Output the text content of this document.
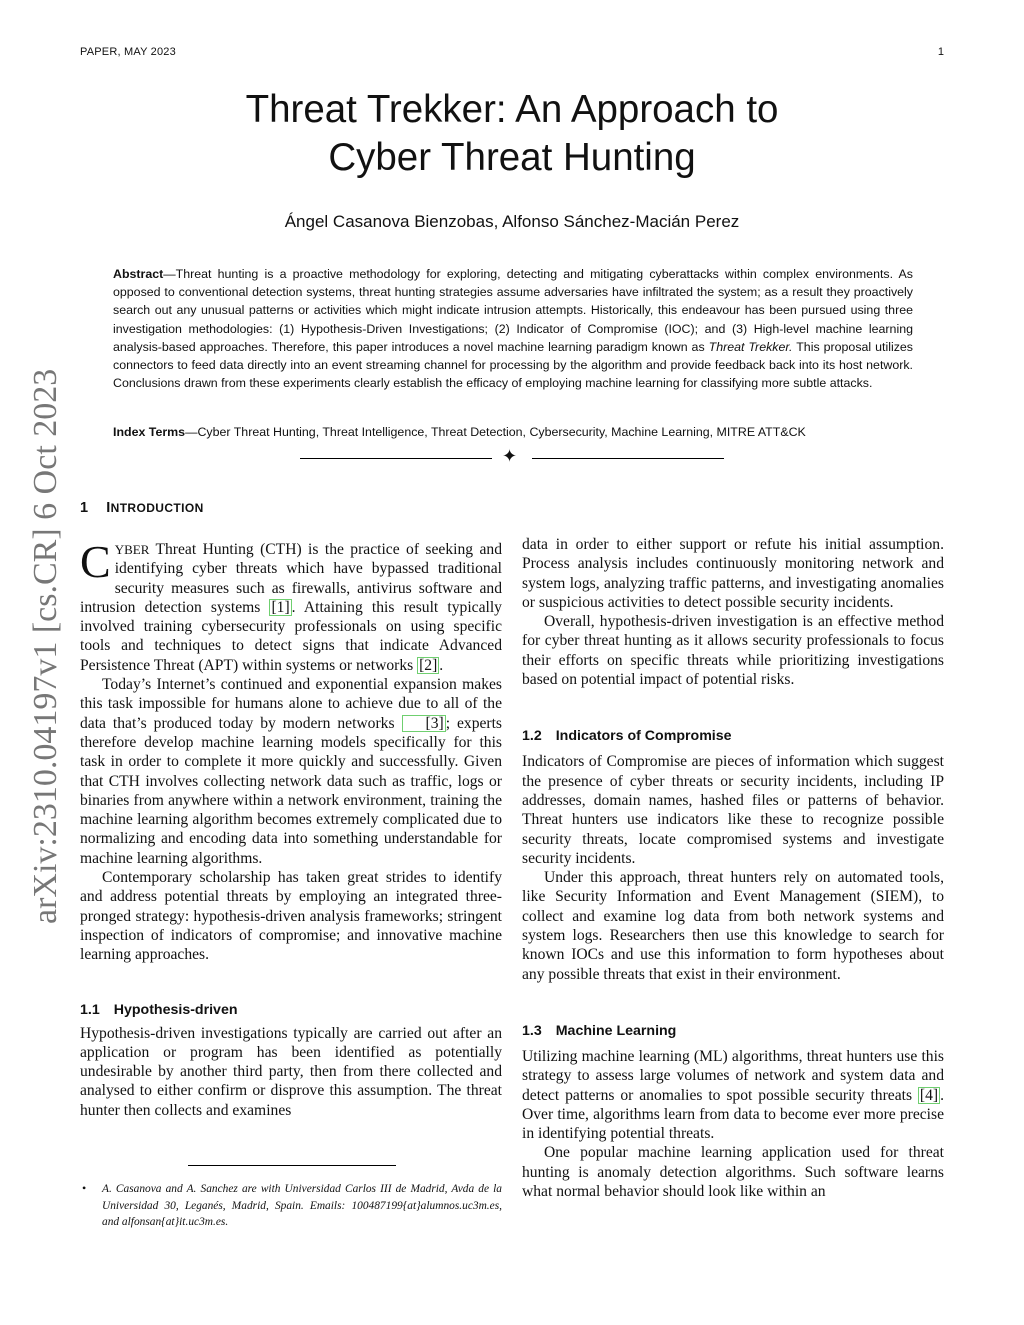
PAPER, MAY 2023	1
arXiv:2310.04197v1 [cs.CR] 6 Oct 2023
Threat Trekker: An Approach to
Cyber Threat Hunting
Ángel Casanova Bienzobas, Alfonso Sánchez-Macián Perez

Abstract—Threat hunting is a proactive methodology for exploring, detecting and mitigating cyberattacks within complex environments. As opposed to conventional detection systems, threat hunting strategies assume adversaries have infiltrated the system; as a result they proactively search out any unusual patterns or activities which might indicate intrusion attempts. Historically, this endeavour has been pursued using three investigation methodologies: (1) Hypothesis-Driven Investigations; (2) Indicator of Compromise (IOC); and (3) High-level machine learning analysis-based approaches. Therefore, this paper introduces a novel machine learning paradigm known as Threat Trekker. This proposal utilizes connectors to feed data directly into an event streaming channel for processing by the algorithm and provide feedback back into its host network. Conclusions drawn from these experiments clearly establish the efficacy of employing machine learning for classifying more subtle attacks.

Index Terms—Cyber Threat Hunting, Threat Intelligence, Threat Detection, Cybersecurity, Machine Learning, MITRE ATT&CK

✦
1 INTRODUCTION

CYBER Threat Hunting (CTH) is the practice of seeking and identifying cyber threats which have bypassed traditional security measures such as firewalls, antivirus software and intrusion detection systems [1] . Attaining this result typically involved training cybersecurity professionals on using specific tools and techniques to detect signs that indicate Advanced Persistence Threat (APT) within systems or networks [2] .

Today’s Internet’s continued and exponential expansion makes this task impossible for humans alone to achieve due to all of the data that’s produced today by modern networks [3] ; experts therefore develop machine learning models specifically for this task in order to complete it more quickly and successfully. Given that CTH involves collecting network data such as traffic, logs or binaries from anywhere within a network environment, training the machine learning algorithm becomes extremely complicated due to normalizing and encoding data into something understandable for machine learning algorithms.

Contemporary scholarship has taken great strides to identify and address potential threats by employing an integrated three-pronged strategy: hypothesis-driven analysis frameworks; stringent inspection of indicators of compromise; and innovative machine learning approaches.

1.1 Hypothesis-driven

Hypothesis-driven investigations typically are carried out after an application or program has been identified as potentially undesirable by another third party, then from there collected and analysed to either confirm or disprove this assumption. The threat hunter then collects and examines

• A. Casanova and A. Sanchez are with Universidad Carlos III de Madrid, Avda de la Universidad 30, Leganés, Madrid, Spain. Emails: 100487199{at}alumnos.uc3m.es, and alfonsan{at}it.uc3m.es.

data in order to either support or refute his initial assumption. Process analysis includes continuously monitoring network and system logs, analyzing traffic patterns, and investigating anomalies or suspicious activities to detect possible security incidents.

Overall, hypothesis-driven investigation is an effective method for cyber threat hunting as it allows security professionals to focus their efforts on specific threats while prioritizing investigations based on potential impact of potential risks.

1.2 Indicators of Compromise

Indicators of Compromise are pieces of information which suggest the presence of cyber threats or security incidents, including IP addresses, domain names, hashed files or patterns of behavior. Threat hunters use indicators like these to recognize possible security threats, locate compromised systems and investigate security incidents.

Under this approach, threat hunters rely on automated tools, like Security Information and Event Management (SIEM), to collect and examine log data from both network systems and system logs. Researchers then use this knowledge to search for known IOCs and use this information to form hypotheses about any possible threats that exist in their environment.

1.3 Machine Learning

Utilizing machine learning (ML) algorithms, threat hunters use this strategy to assess large volumes of network and system data and detect patterns or anomalies to spot possible security threats [4] . Over time, algorithms learn from data to become ever more precise in identifying potential threats.

One popular machine learning application used for threat hunting is anomaly detection algorithms. Such software learns what normal behavior should look like within an
